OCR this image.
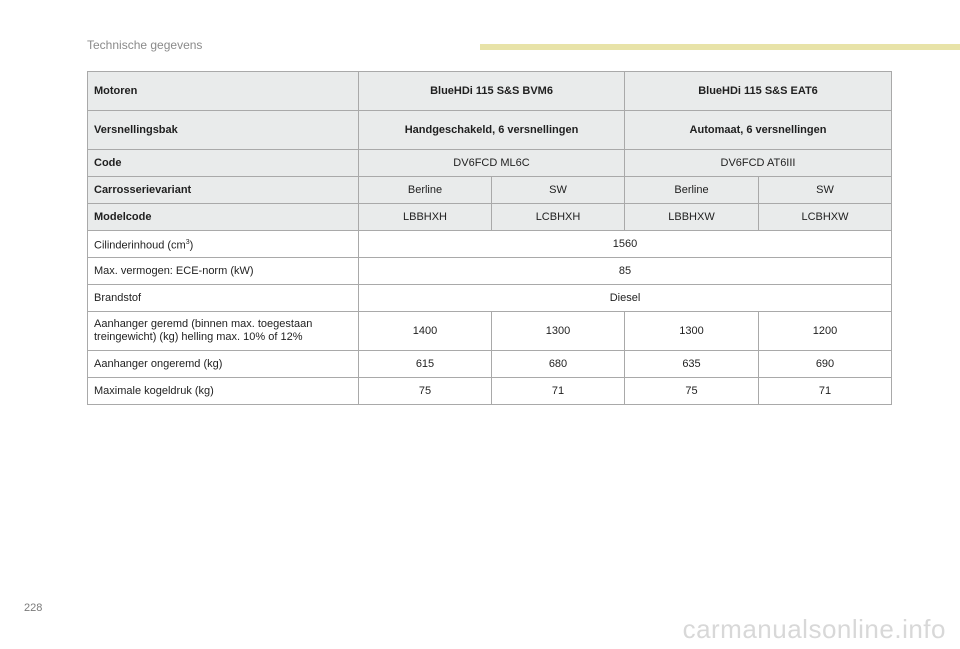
Technische gegevens
Motoren	BlueHDi 115 S&S BVM6		BlueHDi 115 S&S EAT6	
Versnellingsbak	Handgeschakeld, 6 versnellingen		Automaat, 6 versnellingen	
Code	DV6FCD ML6C		DV6FCD AT6III	
Carrosserievariant	Berline	SW	Berline	SW
Modelcode	LBBHXH	LCBHXH	LBBHXW	LCBHXW
Cilinderinhoud $(cm^3)$	1560			
Max. vermogen: ECE-norm (kW)	85			
Brandstof	Diesel			
Aanhanger geremd (binnen max. toegestaan
treingewicht) (kg) helling max. 10% of 12%	1400	1300	1300	1200
Aanhanger ongeremd (kg)	615	680	635	690
Maximale kogeldruk (kg)	75	71	75	71
228
carmanualsonline.info
